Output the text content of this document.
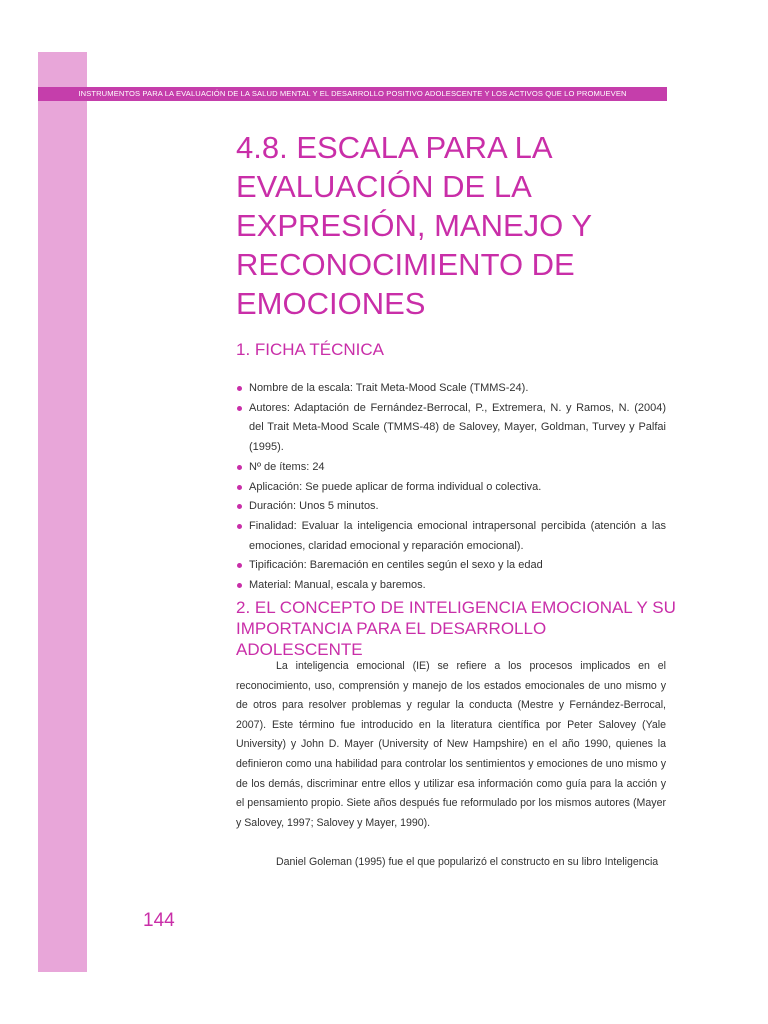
INSTRUMENTOS PARA LA EVALUACIÓN DE LA SALUD MENTAL Y EL DESARROLLO POSITIVO ADOLESCENTE Y LOS ACTIVOS QUE LO PROMUEVEN
4.8. ESCALA PARA LA
EVALUACIÓN DE LA
EXPRESIÓN, MANEJO Y
RECONOCIMIENTO DE
EMOCIONES
1. FICHA TÉCNICA
Nombre de la escala: Trait Meta-Mood Scale (TMMS-24).
Autores: Adaptación de Fernández-Berrocal, P., Extremera, N. y Ramos, N. (2004) del Trait Meta-Mood Scale (TMMS-48) de Salovey, Mayer, Goldman, Turvey y Palfai (1995).
Nº de ítems: 24
Aplicación: Se puede aplicar de forma individual o colectiva.
Duración: Unos 5 minutos.
Finalidad: Evaluar la inteligencia emocional intrapersonal percibida (atención a las emociones, claridad emocional y reparación emocional).
Tipificación: Baremación en centiles según el sexo y la edad
Material: Manual, escala y baremos.
2. EL CONCEPTO DE INTELIGENCIA EMOCIONAL Y SU
IMPORTANCIA PARA EL DESARROLLO ADOLESCENTE

La inteligencia emocional (IE) se refiere a los procesos implicados en el reconocimiento, uso, comprensión y manejo de los estados emocionales de uno mismo y de otros para resolver problemas y regular la conducta (Mestre y Fernández-Berrocal, 2007). Este término fue introducido en la literatura científica por Peter Salovey (Yale University) y John D. Mayer (University of New Hampshire) en el año 1990, quienes la definieron como una habilidad para controlar los sentimientos y emociones de uno mismo y de los demás, discriminar entre ellos y utilizar esa información como guía para la acción y el pensamiento propio. Siete años después fue reformulado por los mismos autores (Mayer y Salovey, 1997; Salovey y Mayer, 1990).

Daniel Goleman (1995) fue el que popularizó el constructo en su libro Inteligencia

144
